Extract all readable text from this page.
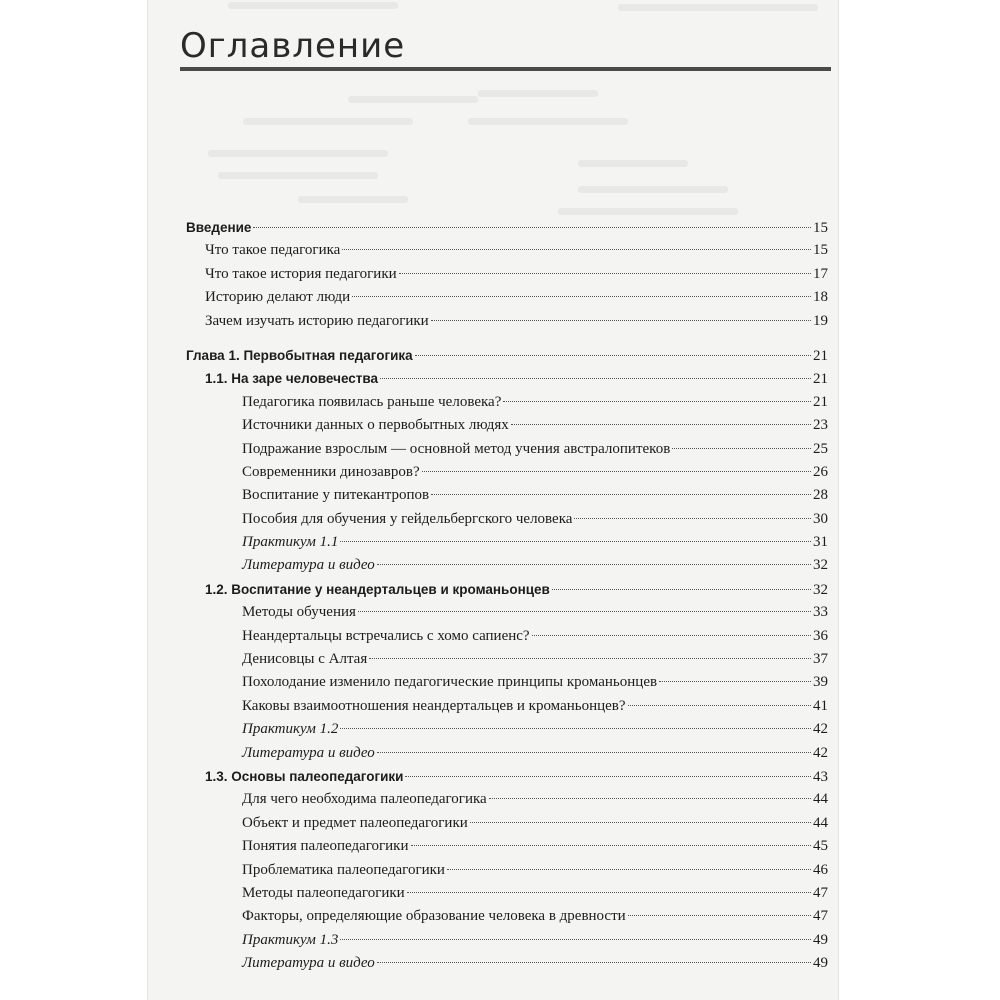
Оглавление
Введение	15
Что такое педагогика	15
Что такое история педагогики	17
Историю делают люди	18
Зачем изучать историю педагогики	19
Глава 1. Первобытная педагогика	21
1.1. На заре человечества	21
Педагогика появилась раньше человека?	21
Источники данных о первобытных людях	23
Подражание взрослым — основной метод учения австралопитеков	25
Современники динозавров?	26
Воспитание у питекантропов	28
Пособия для обучения у гейдельбергского человека	30
Практикум 1.1	31
Литература и видео	32
1.2. Воспитание у неандертальцев и кроманьонцев	32
Методы обучения	33
Неандертальцы встречались с хомо сапиенс?	36
Денисовцы с Алтая	37
Похолодание изменило педагогические принципы кроманьонцев	39
Каковы взаимоотношения неандертальцев и кроманьонцев?	41
Практикум 1.2	42
Литература и видео	42
1.3. Основы палеопедагогики	43
Для чего необходима палеопедагогика	44
Объект и предмет палеопедагогики	44
Понятия палеопедагогики	45
Проблематика палеопедагогики	46
Методы палеопедагогики	47
Факторы, определяющие образование человека в древности	47
Практикум 1.3	49
Литература и видео	49
